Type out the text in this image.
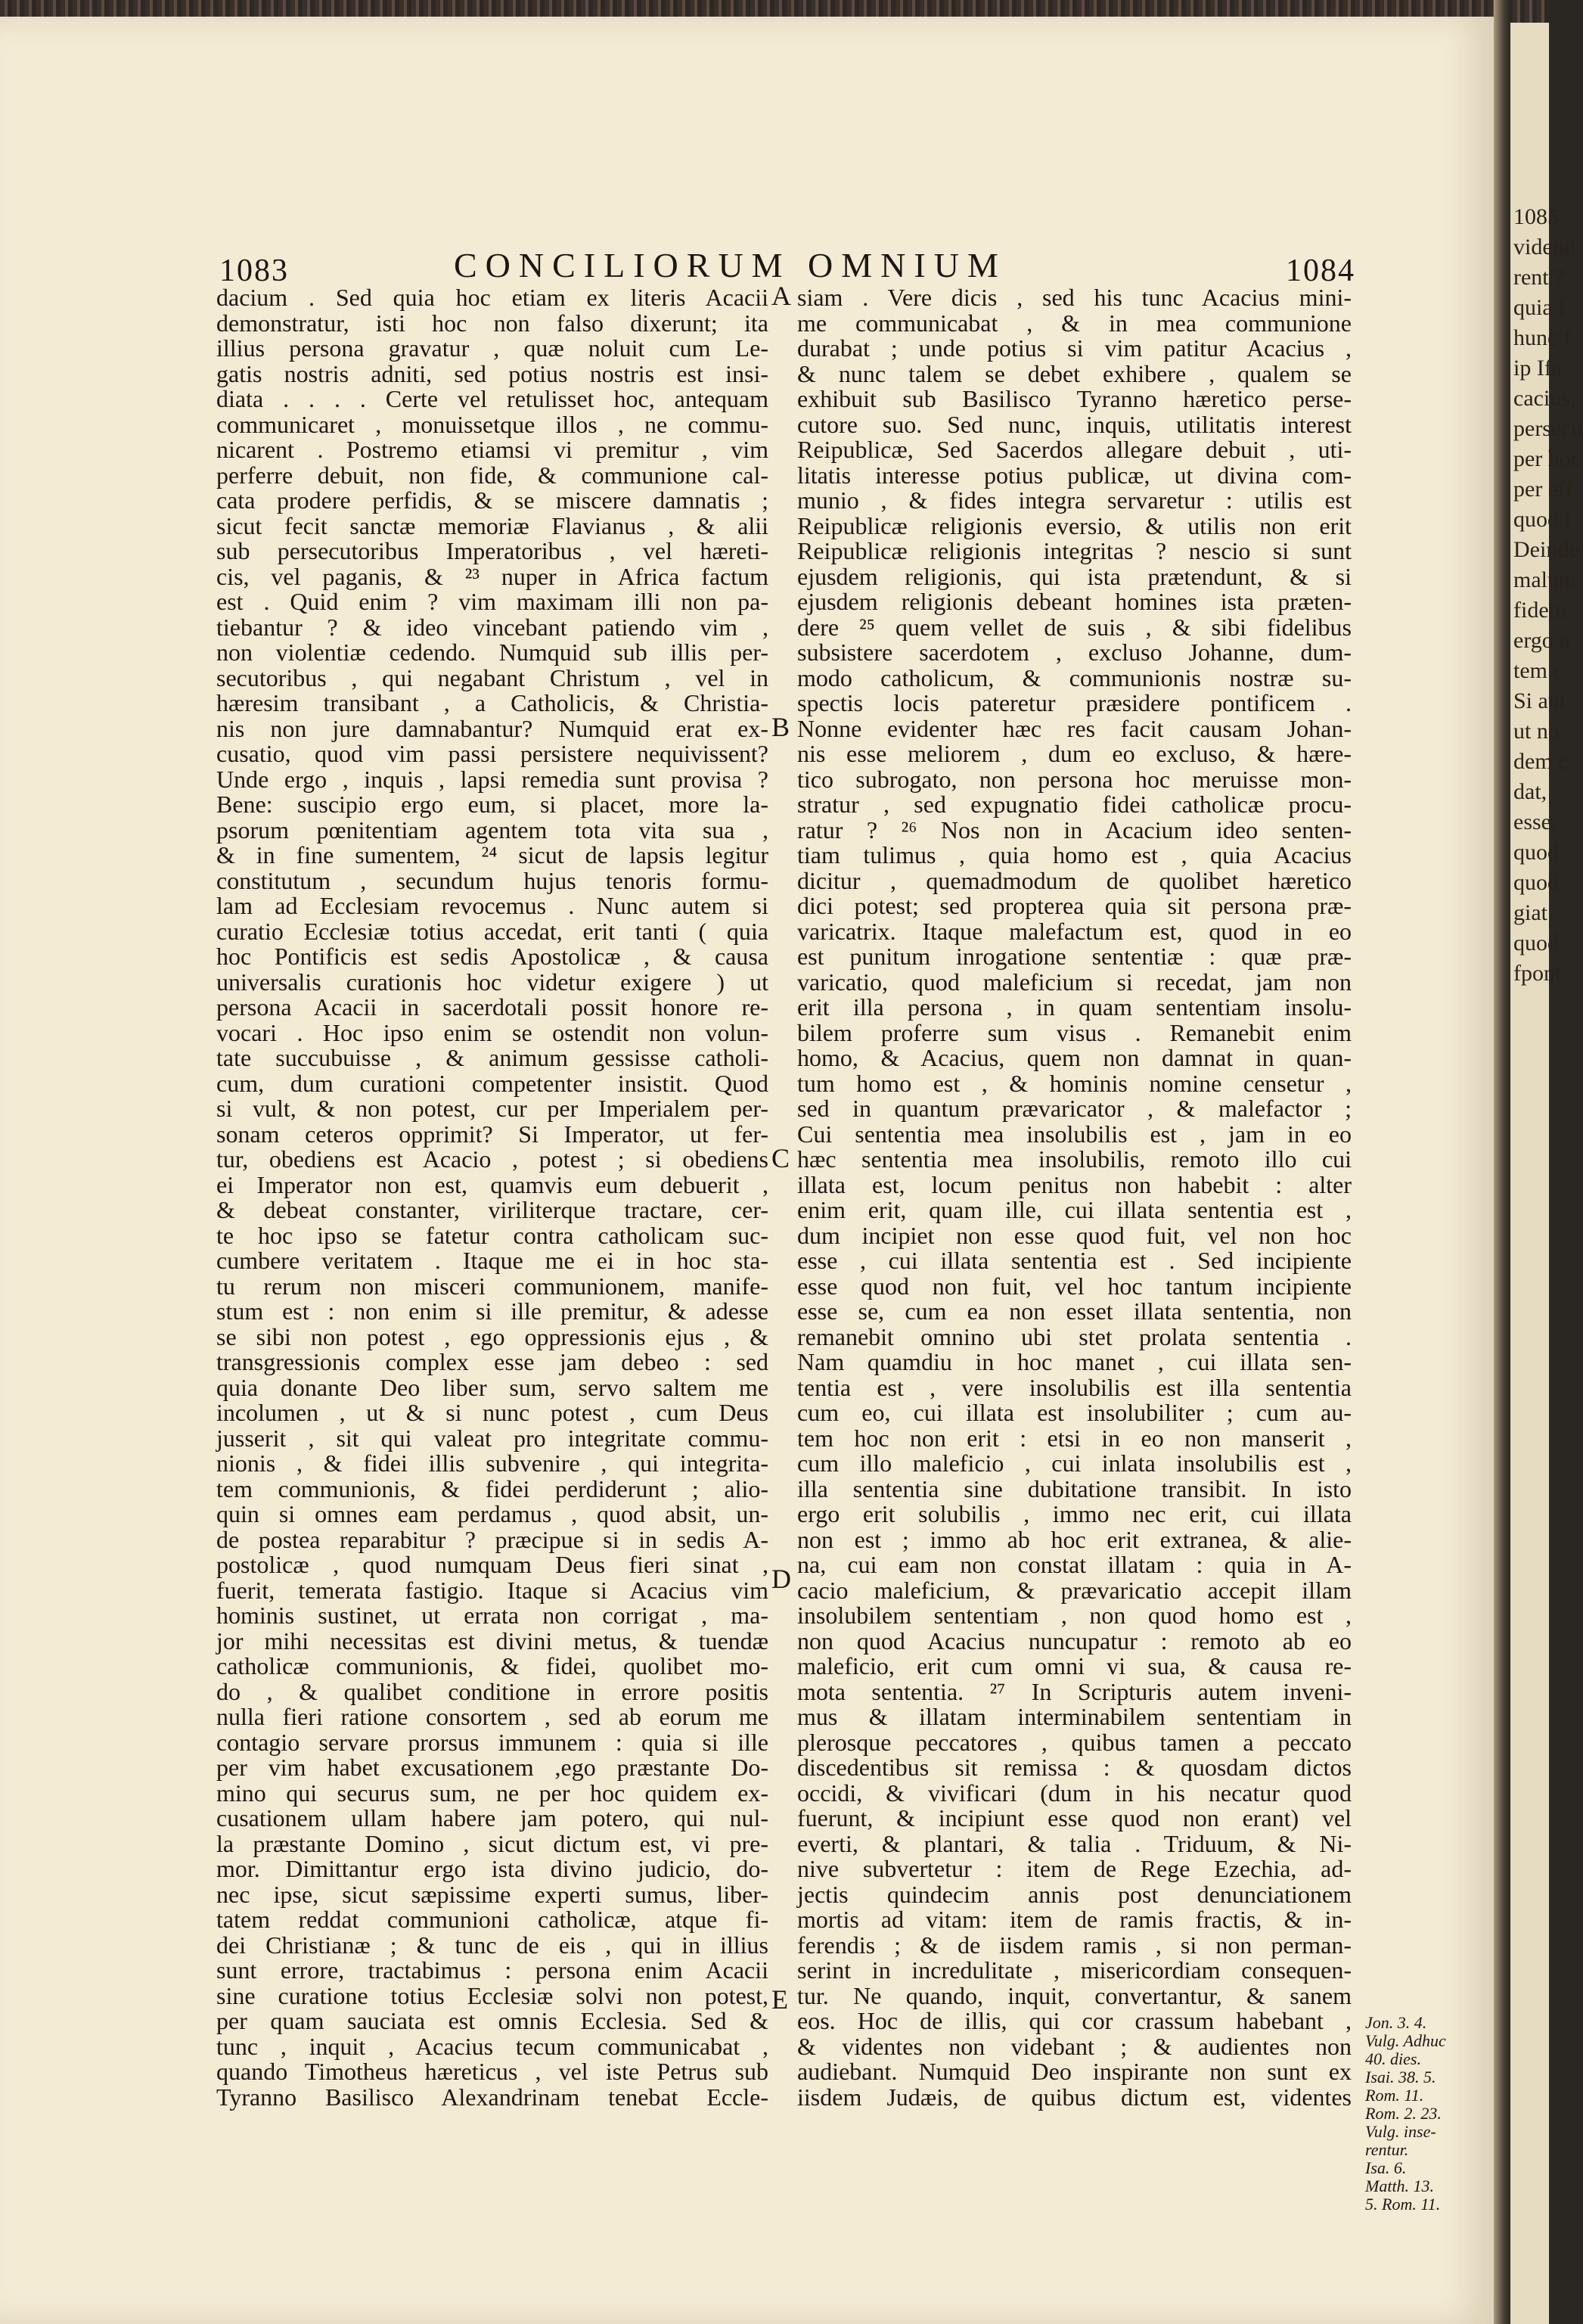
1083	CONCILIORUM OMNIUM	1084
dacium . Sed quia hoc etiam ex literis Acacii
demonstratur, isti hoc non falso dixerunt; ita
illius persona gravatur , quæ noluit cum Le-
gatis nostris adniti, sed potius nostris est insi-
diata . . . . Certe vel retulisset hoc, antequam
communicaret , monuissetque illos , ne commu-
nicarent . Postremo etiamsi vi premitur , vim
perferre debuit, non fide, & communione cal-
cata prodere perfidis, & se miscere damnatis ;
sicut fecit sanctæ memoriæ Flavianus , & alii
sub persecutoribus Imperatoribus , vel hæreti-
cis, vel paganis, & ²³ nuper in Africa factum
est . Quid enim ? vim maximam illi non pa-
tiebantur ? & ideo vincebant patiendo vim ,
non violentiæ cedendo. Numquid sub illis per-
secutoribus , qui negabant Christum , vel in
hæresim transibant , a Catholicis, & Christia-
nis non jure damnabantur? Numquid erat ex-
cusatio, quod vim passi persistere nequivissent?
Unde ergo , inquis , lapsi remedia sunt provisa ?
Bene: suscipio ergo eum, si placet, more la-
psorum pœnitentiam agentem tota vita sua ,
& in fine sumentem, ²⁴ sicut de lapsis legitur
constitutum , secundum hujus tenoris formu-
lam ad Ecclesiam revocemus . Nunc autem si
curatio Ecclesiæ totius accedat, erit tanti ( quia
hoc Pontificis est sedis Apostolicæ , & causa
universalis curationis hoc videtur exigere ) ut
persona Acacii in sacerdotali possit honore re-
vocari . Hoc ipso enim se ostendit non volun-
tate succubuisse , & animum gessisse catholi-
cum, dum curationi competenter insistit. Quod
si vult, & non potest, cur per Imperialem per-
sonam ceteros opprimit? Si Imperator, ut fer-
tur, obediens est Acacio , potest ; si obediens
ei Imperator non est, quamvis eum debuerit ,
& debeat constanter, viriliterque tractare, cer-
te hoc ipso se fatetur contra catholicam suc-
cumbere veritatem . Itaque me ei in hoc sta-
tu rerum non misceri communionem, manife-
stum est : non enim si ille premitur, & adesse
se sibi non potest , ego oppressionis ejus , &
transgressionis complex esse jam debeo : sed
quia donante Deo liber sum, servo saltem me
incolumen , ut & si nunc potest , cum Deus
jusserit , sit qui valeat pro integritate commu-
nionis , & fidei illis subvenire , qui integrita-
tem communionis, & fidei perdiderunt ; alio-
quin si omnes eam perdamus , quod absit, un-
de postea reparabitur ? præcipue si in sedis A-
postolicæ , quod numquam Deus fieri sinat ,
fuerit, temerata fastigio. Itaque si Acacius vim
hominis sustinet, ut errata non corrigat , ma-
jor mihi necessitas est divini metus, & tuendæ
catholicæ communionis, & fidei, quolibet mo-
do , & qualibet conditione in errore positis
nulla fieri ratione consortem , sed ab eorum me
contagio servare prorsus immunem : quia si ille
per vim habet excusationem ,ego præstante Do-
mino qui securus sum, ne per hoc quidem ex-
cusationem ullam habere jam potero, qui nul-
la præstante Domino , sicut dictum est, vi pre-
mor. Dimittantur ergo ista divino judicio, do-
nec ipse, sicut sæpissime experti sumus, liber-
tatem reddat communioni catholicæ, atque fi-
dei Christianæ ; & tunc de eis , qui in illius
sunt errore, tractabimus : persona enim Acacii
sine curatione totius Ecclesiæ solvi non potest,
per quam sauciata est omnis Ecclesia. Sed &
tunc , inquit , Acacius tecum communicabat ,
quando Timotheus hæreticus , vel iste Petrus sub
Tyranno Basilisco Alexandrinam tenebat Eccle-
siam . Vere dicis , sed his tunc Acacius mini-
me communicabat , & in mea communione
durabat ; unde potius si vim patitur Acacius ,
& nunc talem se debet exhibere , qualem se
exhibuit sub Basilisco Tyranno hæretico perse-
cutore suo. Sed nunc, inquis, utilitatis interest
Reipublicæ, Sed Sacerdos allegare debuit , uti-
litatis interesse potius publicæ, ut divina com-
munio , & fides integra servaretur : utilis est
Reipublicæ religionis eversio, & utilis non erit
Reipublicæ religionis integritas ? nescio si sunt
ejusdem religionis, qui ista prætendunt, & si
ejusdem religionis debeant homines ista præten-
dere ²⁵ quem vellet de suis , & sibi fidelibus
subsistere sacerdotem , excluso Johanne, dum-
modo catholicum, & communionis nostræ su-
spectis locis pateretur præsidere pontificem .
Nonne evidenter hæc res facit causam Johan-
nis esse meliorem , dum eo excluso, & hære-
tico subrogato, non persona hoc meruisse mon-
stratur , sed expugnatio fidei catholicæ procu-
ratur ? ²⁶ Nos non in Acacium ideo senten-
tiam tulimus , quia homo est , quia Acacius
dicitur , quemadmodum de quolibet hæretico
dici potest; sed propterea quia sit persona præ-
varicatrix. Itaque malefactum est, quod in eo
est punitum inrogatione sententiæ : quæ præ-
varicatio, quod maleficium si recedat, jam non
erit illa persona , in quam sententiam insolu-
bilem proferre sum visus . Remanebit enim
homo, & Acacius, quem non damnat in quan-
tum homo est , & hominis nomine censetur ,
sed in quantum prævaricator , & malefactor ;
Cui sententia mea insolubilis est , jam in eo
hæc sententia mea insolubilis, remoto illo cui
illata est, locum penitus non habebit : alter
enim erit, quam ille, cui illata sententia est ,
dum incipiet non esse quod fuit, vel non hoc
esse , cui illata sententia est . Sed incipiente
esse quod non fuit, vel hoc tantum incipiente
esse se, cum ea non esset illata sententia, non
remanebit omnino ubi stet prolata sententia .
Nam quamdiu in hoc manet , cui illata sen-
tentia est , vere insolubilis est illa sententia
cum eo, cui illata est insolubiliter ; cum au-
tem hoc non erit : etsi in eo non manserit ,
cum illo maleficio , cui inlata insolubilis est ,
illa sententia sine dubitatione transibit. In isto
ergo erit solubilis , immo nec erit, cui illata
non est ; immo ab hoc erit extranea, & alie-
na, cui eam non constat illatam : quia in A-
cacio maleficium, & prævaricatio accepit illam
insolubilem sententiam , non quod homo est ,
non quod Acacius nuncupatur : remoto ab eo
maleficio, erit cum omni vi sua, & causa re-
mota sententia. ²⁷ In Scripturis autem inveni-
mus & illatam interminabilem sententiam in
plerosque peccatores , quibus tamen a peccato
discedentibus sit remissa : & quosdam dictos
occidi, & vivificari (dum in his necatur quod
fuerunt, & incipiunt esse quod non erant) vel
everti, & plantari, & talia . Triduum, & Ni-
nive subvertetur : item de Rege Ezechia, ad-
jectis quindecim annis post denunciationem
mortis ad vitam: item de ramis fractis, & in-
ferendis ; & de iisdem ramis , si non perman-
serint in incredulitate , misericordiam consequen-
tur. Ne quando, inquit, convertantur, & sanem
eos. Hoc de illis, qui cor crassum habebant ,
& videntes non videbant ; & audientes non
audiebant. Numquid Deo inspirante non sunt ex
iisdem Judæis, de quibus dictum est, videntes
A
B
C
D
E
Jon. 3. 4.
Vulg. Adhuc
40. dies.
Isai. 38. 5.
Rom. 11.
Rom. 2. 23.
Vulg. inse-
rentur.
Isa. 6.
Matth. 13.
5. Rom. 11.
1085
videnti
rent ?
quia f
hunc f
ip Ifa
cacius,
persecu
per hoc
per eff
quod i
Deinde
malum
fidem
ergo n
tem c
Si aut
ut no
dem c
dat,
esse,
quod
quod
giat
quod
fpont
